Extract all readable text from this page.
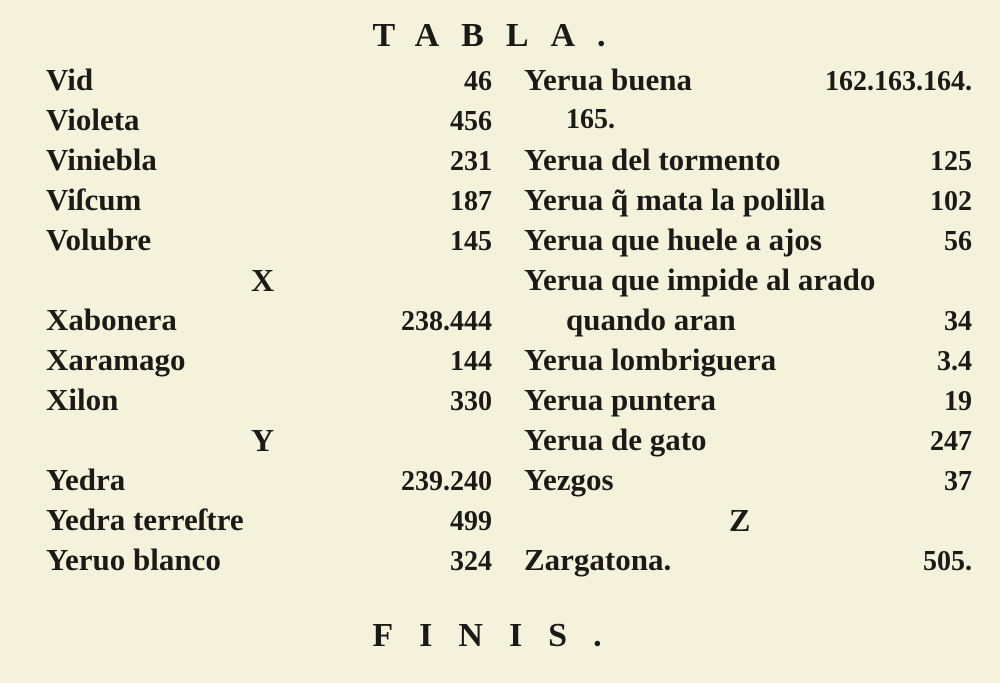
TABLA.
Vid	46
Violeta	456
Viniebla	231
Viſcum	187
Volubre	145
X
Xabonera	238.444
Xaramago	144
Xilon	330
Y
Yedra	239.240
Yedra terreſtre	499
Yeruo blanco	324
Yerua buena	162.163.164.
165.
Yerua del tormento	125
Yerua q̃ mata la polilla	102
Yerua que huele a ajos	56
Yerua que impide al arado
quando aran	34
Yerua lombriguera	3.4
Yerua puntera	19
Yerua de gato	247
Yezgos	37
Z
Zargatona.	505.
FINIS.
